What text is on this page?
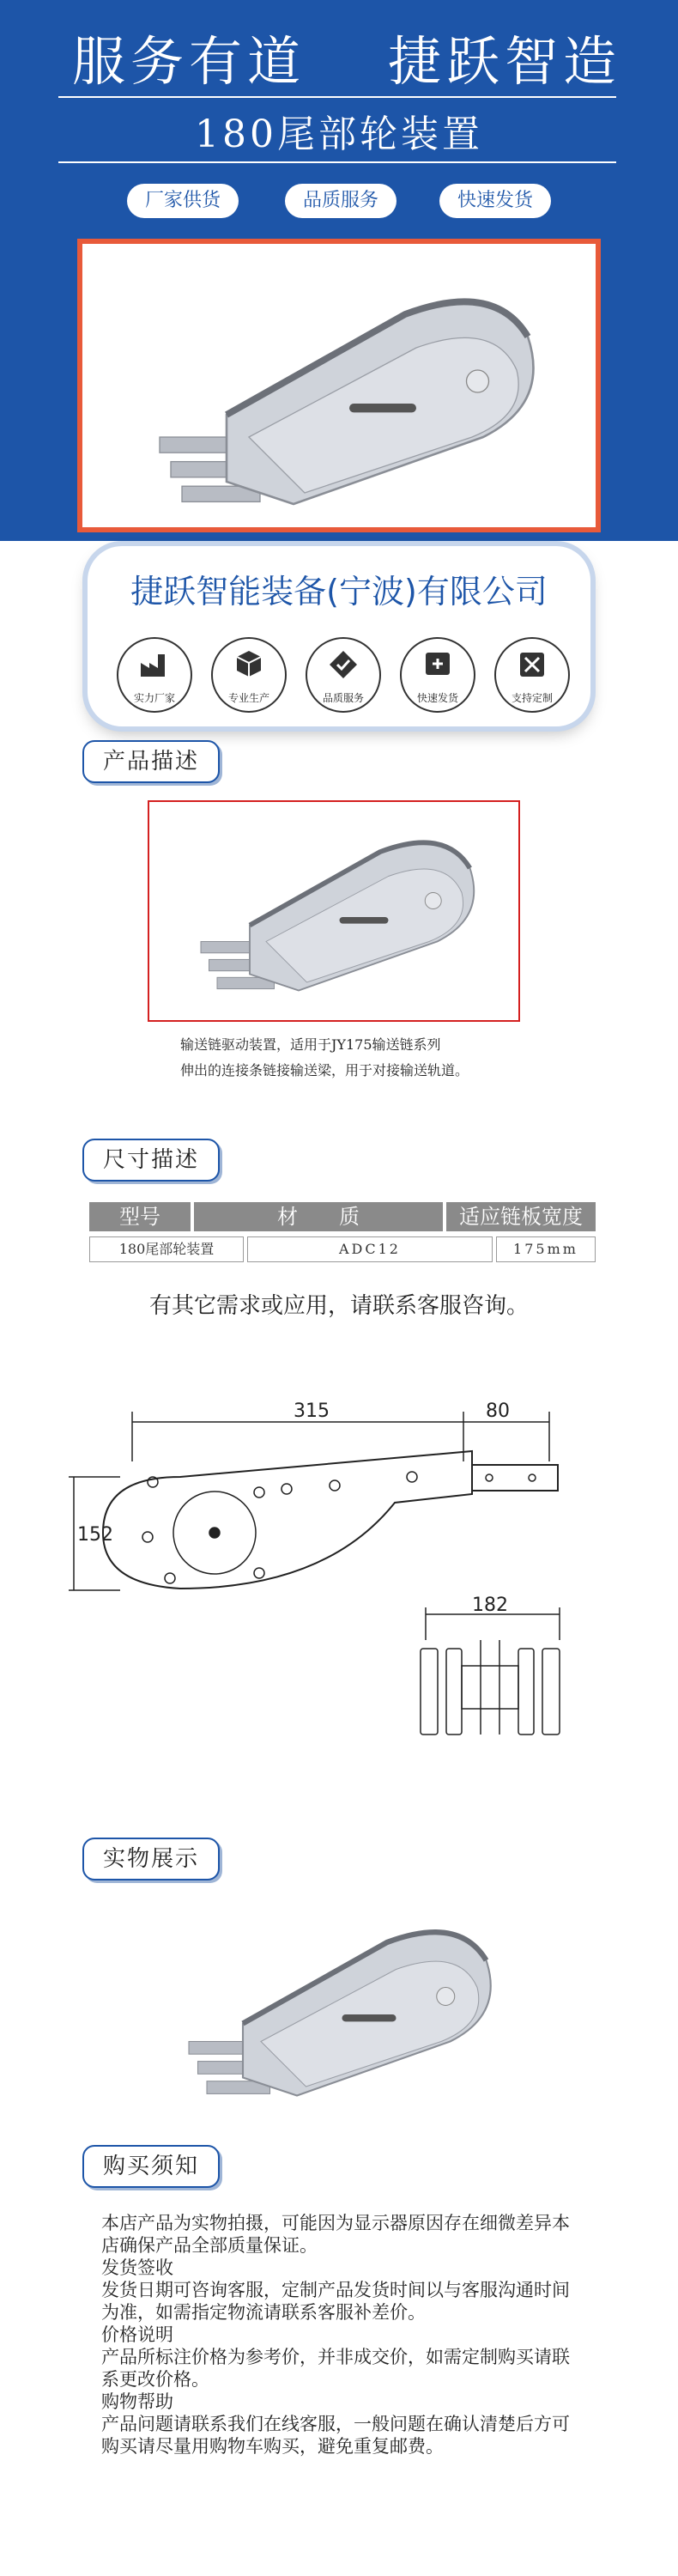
服务有道 捷跃智造
180尾部轮装置
厂家供货	品质服务	快速发货
捷跃智能装备(宁波)有限公司
实力厂家	专业生产	品质服务	快速发货	支持定制
产品描述
输送链驱动装置，适用于JY175输送链系列
伸出的连接条链接输送梁，用于对接输送轨道。
尺寸描述
型号	材　　质	适应链板宽度
180尾部轮装置	ADC12	175mm
有其它需求或应用，请联系客服咨询。
315	80
152
182
实物展示
购买须知
本店产品为实物拍摄，可能因为显示器原因存在细微差异本店确保产品全部质量保证。
发货签收
发货日期可咨询客服，定制产品发货时间以与客服沟通时间为准，如需指定物流请联系客服补差价。
价格说明
产品所标注价格为参考价，并非成交价，如需定制购买请联系更改价格。
购物帮助
产品问题请联系我们在线客服，一般问题在确认清楚后方可购买请尽量用购物车购买，避免重复邮费。
